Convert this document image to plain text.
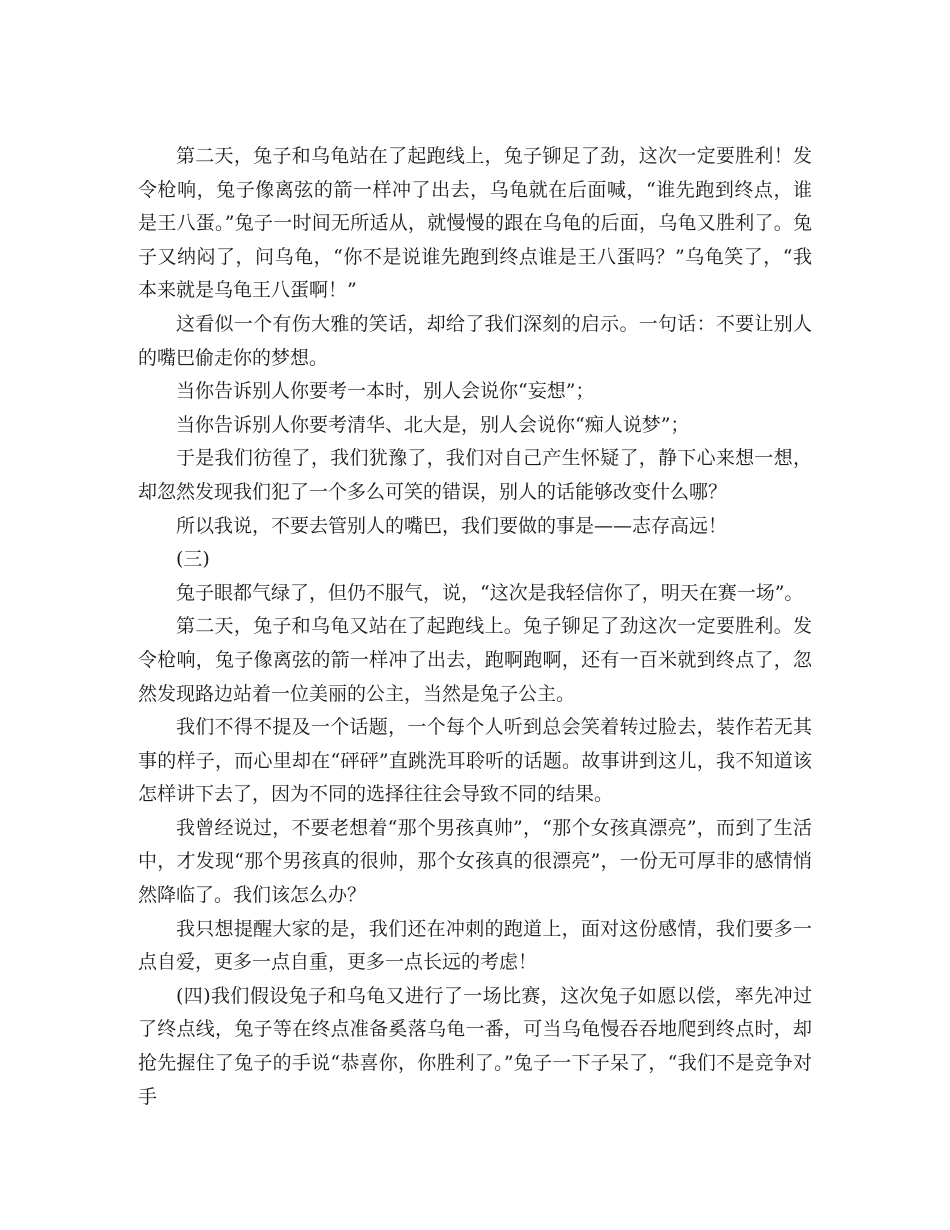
第二天，兔子和乌龟站在了起跑线上，兔子铆足了劲，这次一定要胜利！发令枪响，兔子像离弦的箭一样冲了出去，乌龟就在后面喊，“谁先跑到终点，谁是王八蛋。”兔子一时间无所适从，就慢慢的跟在乌龟的后面，乌龟又胜利了。兔子又纳闷了，问乌龟，“你不是说谁先跑到终点谁是王八蛋吗？”乌龟笑了，“我本来就是乌龟王八蛋啊！”

这看似一个有伤大雅的笑话，却给了我们深刻的启示。一句话：不要让别人的嘴巴偷走你的梦想。

当你告诉别人你要考一本时，别人会说你“妄想”；

当你告诉别人你要考清华、北大是，别人会说你“痴人说梦”；

于是我们彷徨了，我们犹豫了，我们对自己产生怀疑了，静下心来想一想，却忽然发现我们犯了一个多么可笑的错误，别人的话能够改变什么哪？

所以我说，不要去管别人的嘴巴，我们要做的事是——志存高远！

(三)

兔子眼都气绿了，但仍不服气，说，“这次是我轻信你了，明天在赛一场”。

第二天，兔子和乌龟又站在了起跑线上。兔子铆足了劲这次一定要胜利。发令枪响，兔子像离弦的箭一样冲了出去，跑啊跑啊，还有一百米就到终点了，忽然发现路边站着一位美丽的公主，当然是兔子公主。

我们不得不提及一个话题，一个每个人听到总会笑着转过脸去，装作若无其事的样子，而心里却在“砰砰”直跳洗耳聆听的话题。故事讲到这儿，我不知道该怎样讲下去了，因为不同的选择往往会导致不同的结果。

我曾经说过，不要老想着“那个男孩真帅”，“那个女孩真漂亮”，而到了生活中，才发现“那个男孩真的很帅，那个女孩真的很漂亮”，一份无可厚非的感情悄然降临了。我们该怎么办？

我只想提醒大家的是，我们还在冲刺的跑道上，面对这份感情，我们要多一点自爱，更多一点自重，更多一点长远的考虑！

(四)我们假设兔子和乌龟又进行了一场比赛，这次兔子如愿以偿，率先冲过了终点线，兔子等在终点准备奚落乌龟一番，可当乌龟慢吞吞地爬到终点时，却抢先握住了兔子的手说“恭喜你，你胜利了。”兔子一下子呆了，“我们不是竞争对手
